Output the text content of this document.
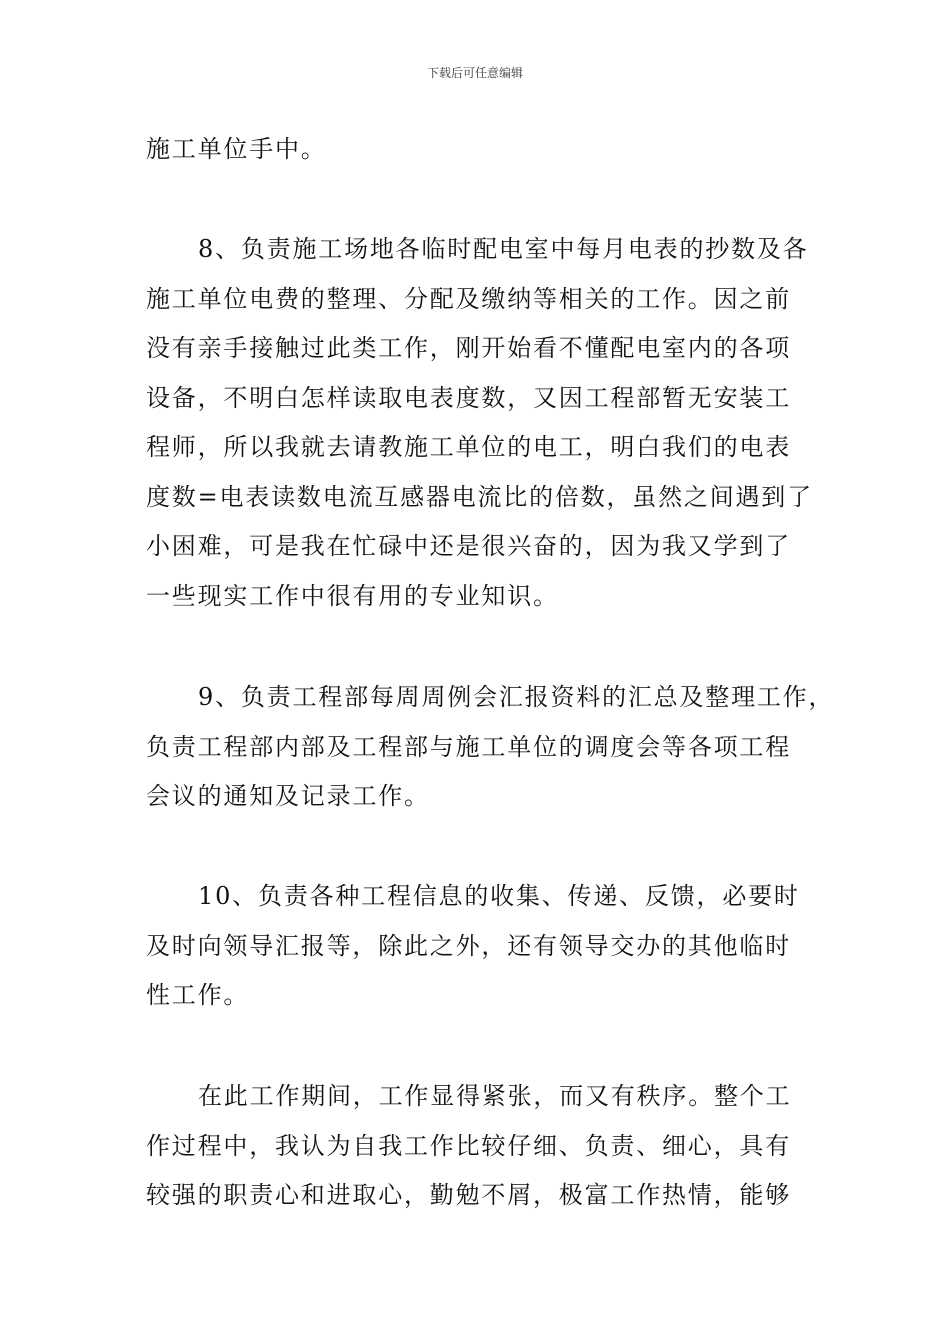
下载后可任意编辑
施工单位手中。
8、负责施工场地各临时配电室中每月电表的抄数及各
施工单位电费的整理、分配及缴纳等相关的工作。因之前
没有亲手接触过此类工作，刚开始看不懂配电室内的各项
设备，不明白怎样读取电表度数，又因工程部暂无安装工
程师，所以我就去请教施工单位的电工，明白我们的电表
度数=电表读数电流互感器电流比的倍数，虽然之间遇到了
小困难，可是我在忙碌中还是很兴奋的，因为我又学到了
一些现实工作中很有用的专业知识。
9、负责工程部每周周例会汇报资料的汇总及整理工作，
负责工程部内部及工程部与施工单位的调度会等各项工程
会议的通知及记录工作。
10、负责各种工程信息的收集、传递、反馈，必要时
及时向领导汇报等，除此之外，还有领导交办的其他临时
性工作。
在此工作期间，工作显得紧张，而又有秩序。整个工
作过程中，我认为自我工作比较仔细、负责、细心，具有
较强的职责心和进取心，勤勉不屑，极富工作热情，能够
